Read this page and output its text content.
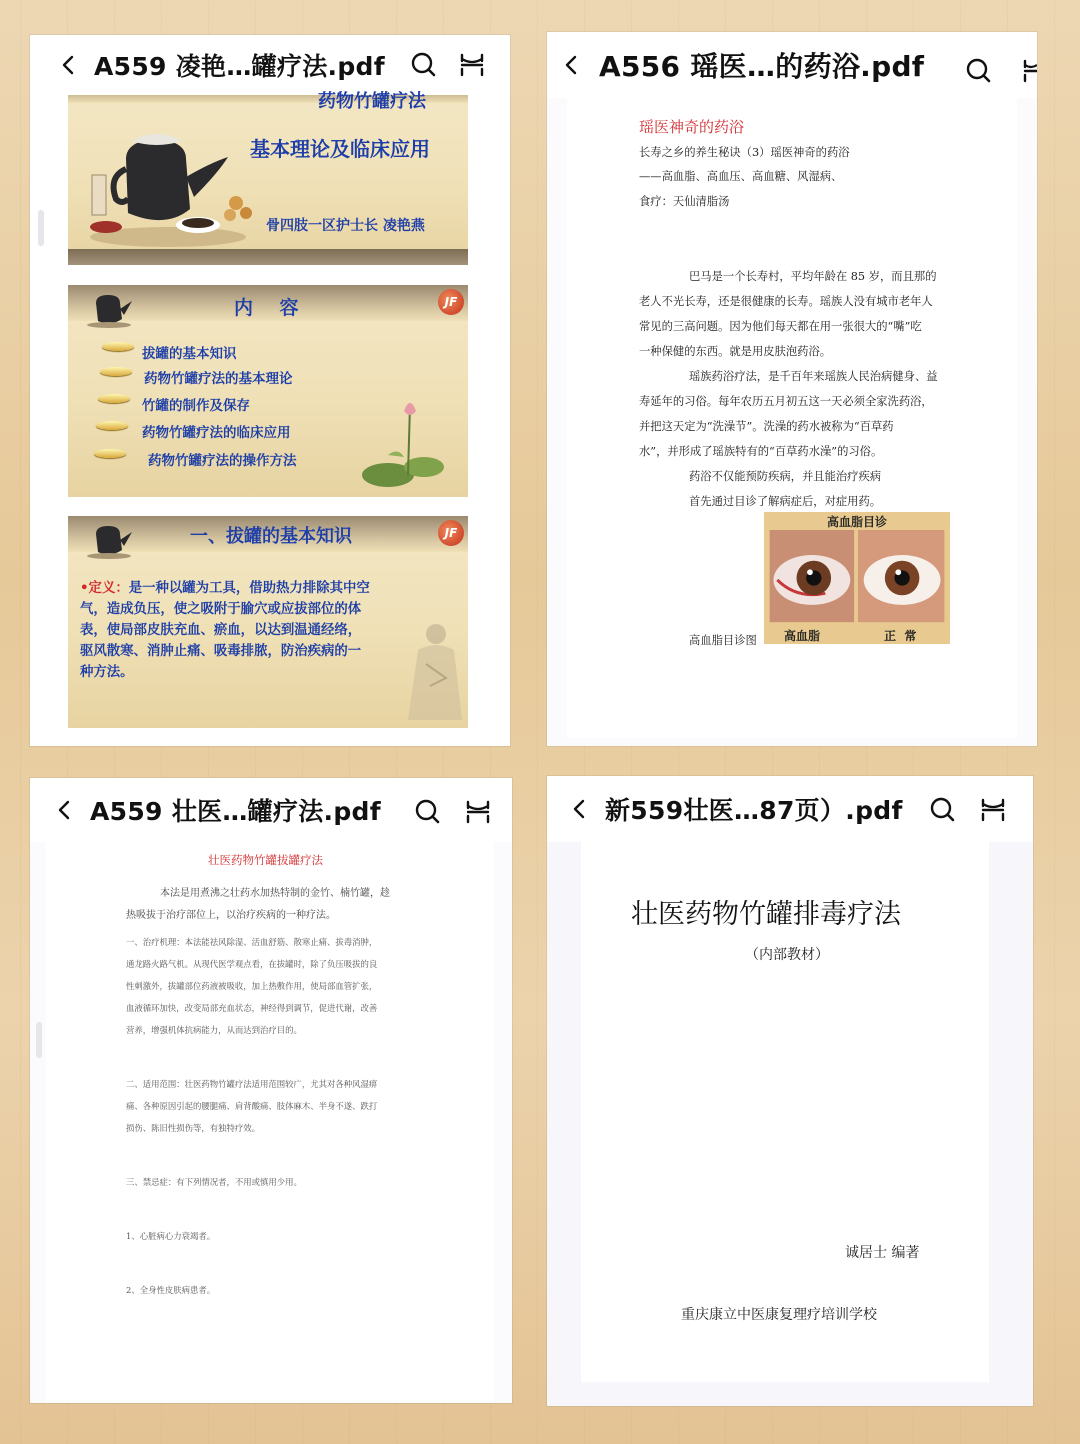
A559 凌艳…罐疗法.pdf
药物竹罐疗法
基本理论及临床应用
骨四肢一区护士长 凌艳燕
内    容	JF
拔罐的基本知识
药物竹罐疗法的基本理论
竹罐的制作及保存
药物竹罐疗法的临床应用
药物竹罐疗法的操作方法
一、拔罐的基本知识	JF
•定义：是一种以罐为工具，借助热力排除其中空
气，造成负压，使之吸附于腧穴或应拔部位的体
表，使局部皮肤充血、瘀血，以达到温通经络，
驱风散寒、消肿止痛、吸毒排脓，防治疾病的一
种方法。
A556 瑶医…的药浴.pdf
瑶医神奇的药浴
长寿之乡的养生秘诀（3）瑶医神奇的药浴
——高血脂、高血压、高血糖、风湿病、
食疗：天仙清脂汤
巴马是一个长寿村，平均年龄在 85 岁，而且那的
老人不光长寿，还是很健康的长寿。瑶族人没有城市老年人
常见的三高问题。因为他们每天都在用一张很大的“嘴”吃
一种保健的东西。就是用皮肤泡药浴。
瑶族药浴疗法，是千百年来瑶族人民治病健身、益
寿延年的习俗。每年农历五月初五这一天必须全家洗药浴，
并把这天定为“洗澡节”。洗澡的药水被称为“百草药
水”，并形成了瑶族特有的“百草药水澡”的习俗。
药浴不仅能预防疾病，并且能治疗疾病
首先通过目诊了解病症后，对症用药。
高血脂目诊
高血脂	正  常
高血脂目诊图
A559 壮医…罐疗法.pdf
壮医药物竹罐拔罐疗法
本法是用煮沸之壮药水加热特制的金竹、楠竹罐，趁
热吸拔于治疗部位上，以治疗疾病的一种疗法。
一、治疗机理：本法能祛风除湿、活血舒筋、散寒止痛、拔毒消肿，
通龙路火路气机。从现代医学观点看，在拔罐时，除了负压吸拔的良
性刺激外，拔罐部位药液被吸收，加上热敷作用，使局部血管扩张，
血液循环加快，改变局部充血状态，神经得到调节，促进代谢，改善
营养，增强机体抗病能力，从而达到治疗目的。
二、适用范围：壮医药物竹罐疗法适用范围较广，尤其对各种风湿痹
痛、各种原因引起的腰腿痛、肩背酸痛、肢体麻木、半身不遂、跌打
损伤、陈旧性损伤等，有独特疗效。
三、禁忌症：有下列情况者，不用或慎用少用。
1、心脏病心力衰竭者。
2、全身性皮肤病患者。
新559壮医…87页）.pdf
壮医药物竹罐排毒疗法
（内部教材）
诚居士 编著
重庆康立中医康复理疗培训学校
